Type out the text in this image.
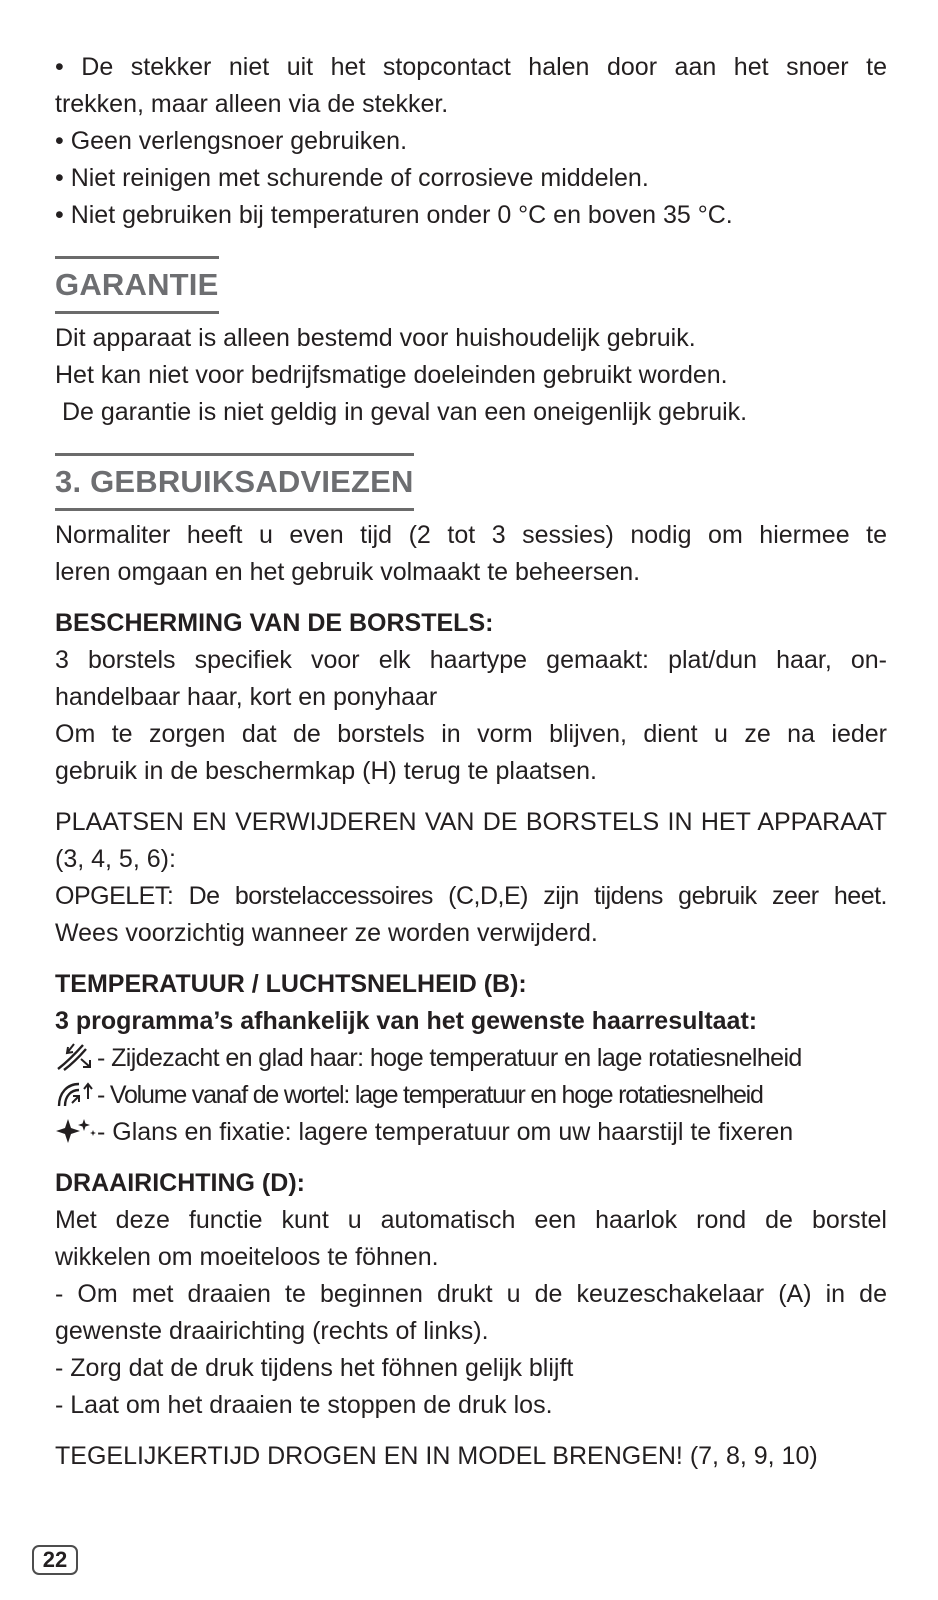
• De stekker niet uit het stopcontact halen door aan het snoer te
trekken, maar alleen via de stekker.
• Geen verlengsnoer gebruiken.
• Niet reinigen met schurende of corrosieve middelen.
• Niet gebruiken bij temperaturen onder 0 °C en boven 35 °C.
GARANTIE
Dit apparaat is alleen bestemd voor huishoudelijk gebruik.
Het kan niet voor bedrijfsmatige doeleinden gebruikt worden.
De garantie is niet geldig in geval van een oneigenlijk gebruik.
3. GEBRUIKSADVIEZEN
Normaliter heeft u even tijd (2 tot 3 sessies) nodig om hiermee te
leren omgaan en het gebruik volmaakt te beheersen.
BESCHERMING VAN DE BORSTELS:
3 borstels specifiek voor elk haartype gemaakt: plat/dun haar, on-
handelbaar haar, kort en ponyhaar
Om te zorgen dat de borstels in vorm blijven, dient u ze na ieder
gebruik in de beschermkap (H) terug te plaatsen.
PLAATSEN EN VERWIJDEREN VAN DE BORSTELS IN HET APPARAAT
(3, 4, 5, 6):
OPGELET: De borstelaccessoires (C,D,E) zijn tijdens gebruik zeer heet.
Wees voorzichtig wanneer ze worden verwijderd.
TEMPERATUUR / LUCHTSNELHEID (B):
3 programma’s afhankelijk van het gewenste haarresultaat:
- Zijdezacht en glad haar: hoge temperatuur en lage rotatiesnelheid
- Volume vanaf de wortel: lage temperatuur en hoge rotatiesnelheid
- Glans en fixatie: lagere temperatuur om uw haarstijl te fixeren
DRAAIRICHTING (D):
Met deze functie kunt u automatisch een haarlok rond de borstel
wikkelen om moeiteloos te föhnen.
- Om met draaien te beginnen drukt u de keuzeschakelaar (A) in de
gewenste draairichting (rechts of links).
- Zorg dat de druk tijdens het föhnen gelijk blijft
- Laat om het draaien te stoppen de druk los.
TEGELIJKERTIJD DROGEN EN IN MODEL BRENGEN! (7, 8, 9, 10)
22
